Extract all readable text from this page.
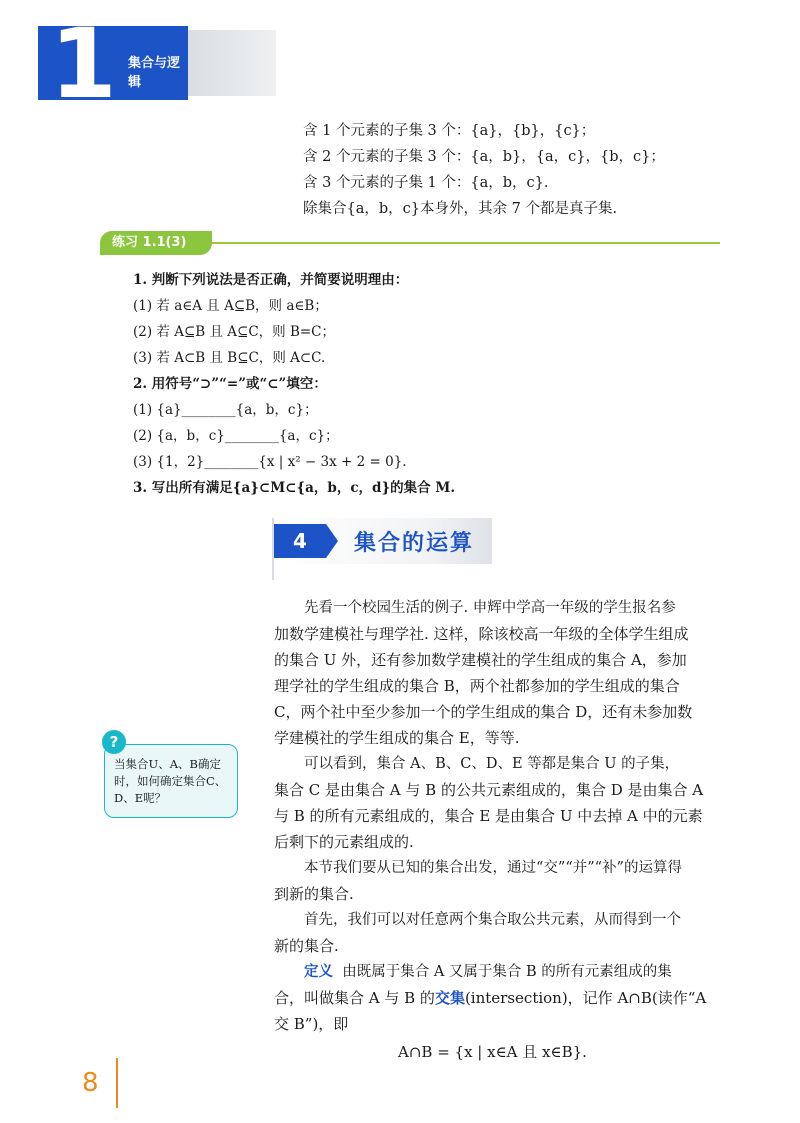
1 集合与逻辑
含 1 个元素的子集 3 个：{a}，{b}，{c}；
含 2 个元素的子集 3 个：{a，b}，{a，c}，{b，c}；
含 3 个元素的子集 1 个：{a，b，c}.
除集合{a，b，c}本身外，其余 7 个都是真子集.
练习 1.1(3)
1. 判断下列说法是否正确，并简要说明理由：
(1) 若 a∈A 且 A⊆B，则 a∈B；
(2) 若 A⊆B 且 A⊆C，则 B=C；
(3) 若 A⊂B 且 B⊆C，则 A⊂C.
2. 用符号“⊃”“=”或“⊂”填空：
(1) {a}________{a，b，c}；
(2) {a，b，c}________{a，c}；
(3) {1，2}________{x | x² − 3x + 2 = 0}.
3. 写出所有满足{a}⊂M⊂{a，b，c，d}的集合 M.
4	集合的运算
?
当集合U、A、B确定时，如何确定集合C、D、E呢？
先看一个校园生活的例子. 申辉中学高一年级的学生报名参
加数学建模社与理学社. 这样，除该校高一年级的全体学生组成
的集合 U 外，还有参加数学建模社的学生组成的集合 A，参加
理学社的学生组成的集合 B，两个社都参加的学生组成的集合
C，两个社中至少参加一个的学生组成的集合 D，还有未参加数
学建模社的学生组成的集合 E，等等.
可以看到，集合 A、B、C、D、E 等都是集合 U 的子集，
集合 C 是由集合 A 与 B 的公共元素组成的，集合 D 是由集合 A
与 B 的所有元素组成的，集合 E 是由集合 U 中去掉 A 中的元素
后剩下的元素组成的.
本节我们要从已知的集合出发，通过“交”“并”“补”的运算得
到新的集合.
首先，我们可以对任意两个集合取公共元素，从而得到一个
新的集合.
定义 由既属于集合 A 又属于集合 B 的所有元素组成的集
合，叫做集合 A 与 B 的交集(intersection)，记作 A∩B(读作“A
交 B”)，即
A∩B = {x | x∈A 且 x∈B}.
8
